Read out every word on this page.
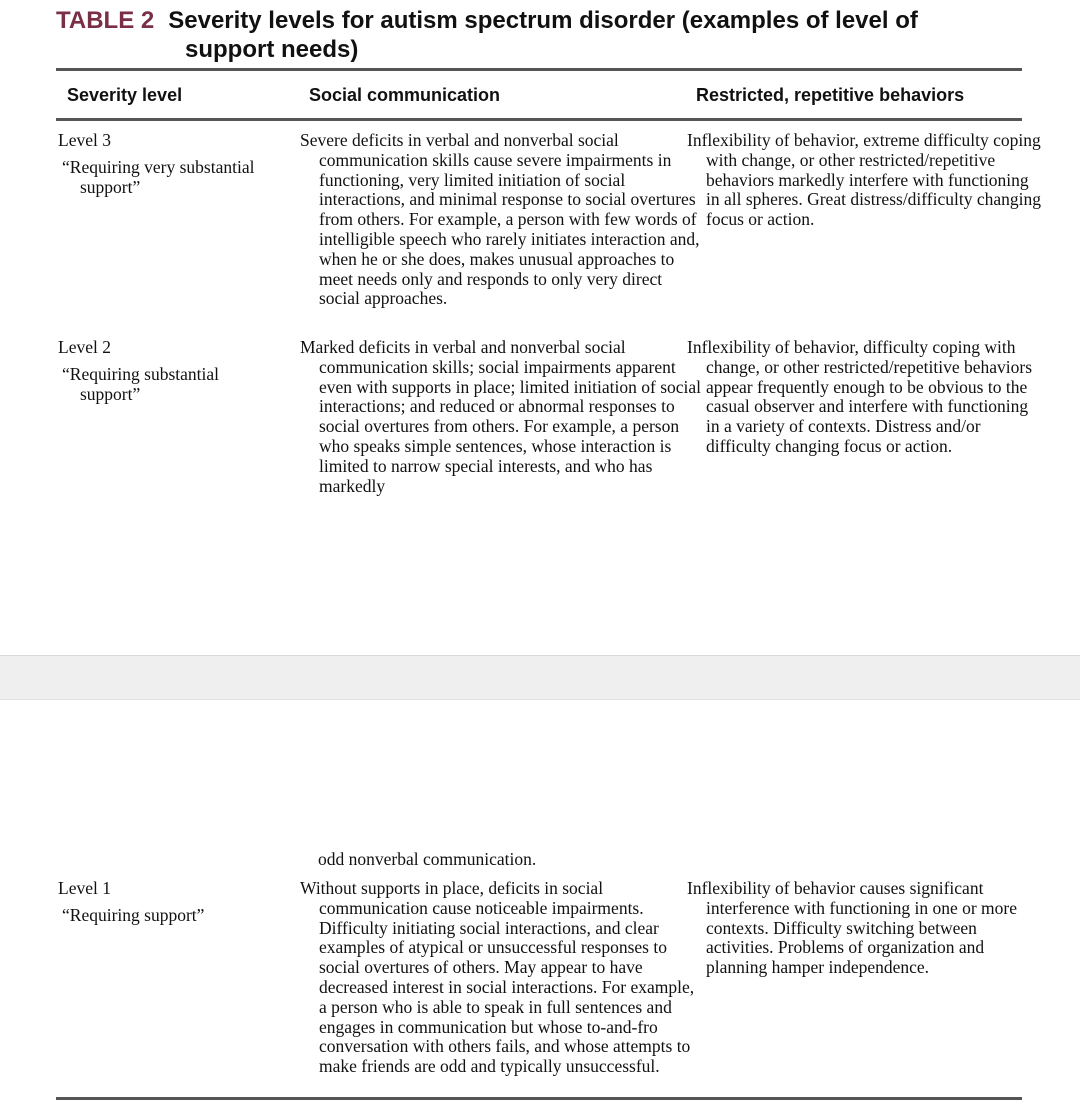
TABLE 2 Severity levels for autism spectrum disorder (examples of level of
support needs)
Severity level	Social communication	Restricted, repetitive behaviors
Level 3
“Requiring very substantial support”
Severe deficits in verbal and nonverbal social communication skills cause severe impairments in functioning, very limited initiation of social interactions, and minimal response to social overtures from others. For example, a person with few words of intelligible speech who rarely initiates interaction and, when he or she does, makes unusual approaches to meet needs only and responds to only very direct social approaches.
Inflexibility of behavior, extreme difficulty coping with change, or other restricted/repetitive behaviors markedly interfere with functioning in all spheres. Great distress/difficulty changing focus or action.
Level 2
“Requiring substantial support”
Marked deficits in verbal and nonverbal social communication skills; social impairments apparent even with supports in place; limited initiation of social interactions; and reduced or abnormal responses to social overtures from others. For example, a person who speaks simple sentences, whose interaction is limited to narrow special interests, and who has markedly
Inflexibility of behavior, difficulty coping with change, or other restricted/repetitive behaviors appear frequently enough to be obvious to the casual observer and interfere with functioning in a variety of contexts. Distress and/or difficulty changing focus or action.
odd nonverbal communication.
Level 1
“Requiring support”
Without supports in place, deficits in social communication cause noticeable impairments. Difficulty initiating social interactions, and clear examples of atypical or unsuccessful responses to social overtures of others. May appear to have decreased interest in social interactions. For example, a person who is able to speak in full sentences and engages in communication but whose to-and-fro conversation with others fails, and whose attempts to make friends are odd and typically unsuccessful.
Inflexibility of behavior causes significant interference with functioning in one or more contexts. Difficulty switching between activities. Problems of organization and planning hamper independence.
